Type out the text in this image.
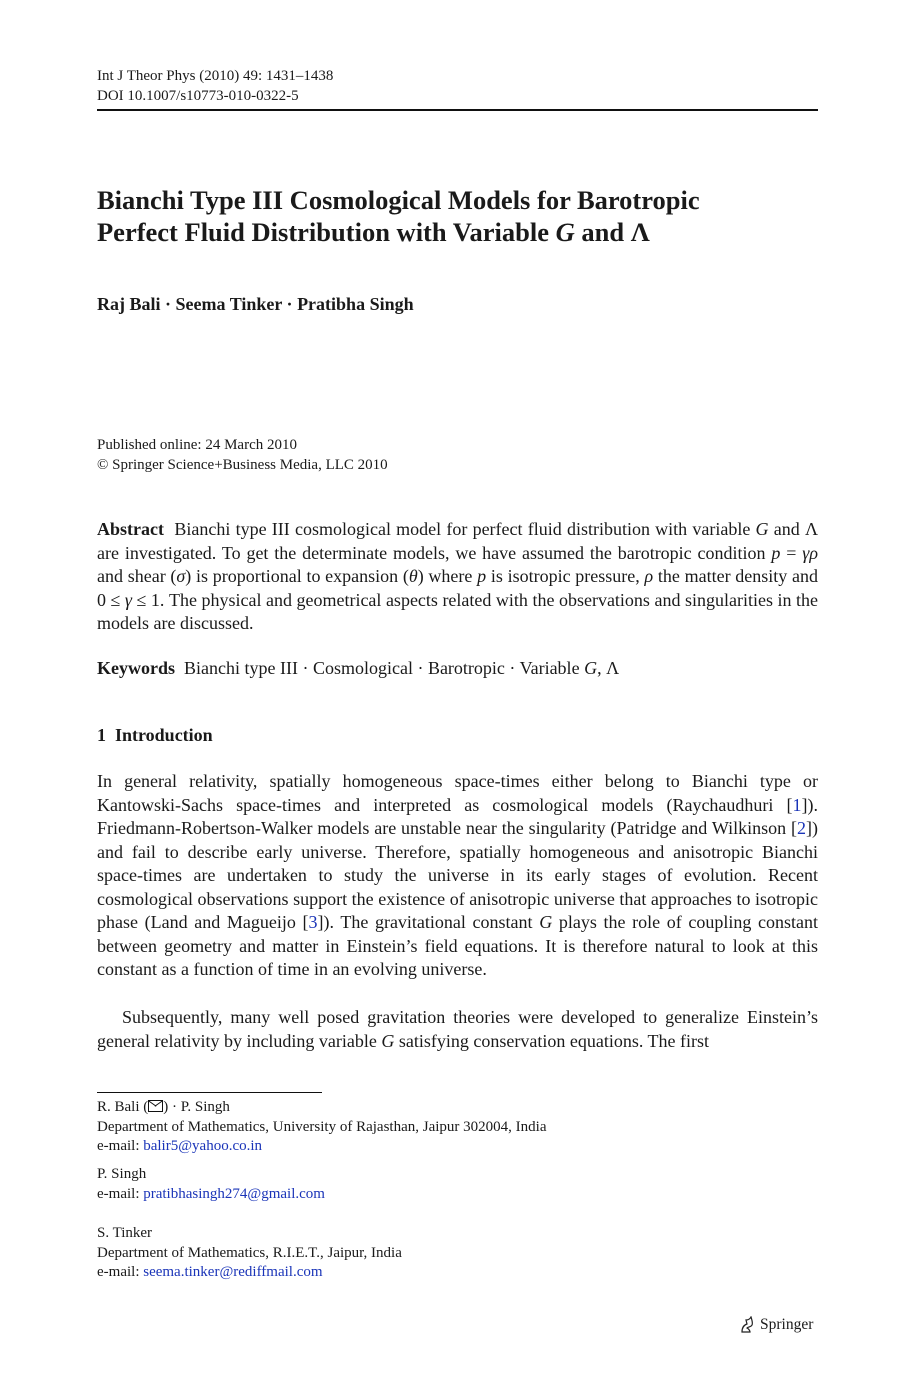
Int J Theor Phys (2010) 49: 1431–1438
DOI 10.1007/s10773-010-0322-5
Bianchi Type III Cosmological Models for Barotropic
Perfect Fluid Distribution with Variable G and Λ
Raj Bali · Seema Tinker · Pratibha Singh
Published online: 24 March 2010
© Springer Science+Business Media, LLC 2010
Abstract Bianchi type III cosmological model for perfect fluid distribution with variable G and Λ are investigated. To get the determinate models, we have assumed the barotropic condition p = γρ and shear (σ) is proportional to expansion (θ) where p is isotropic pressure, ρ the matter density and 0 ≤ γ ≤ 1. The physical and geometrical aspects related with the observations and singularities in the models are discussed.
Keywords Bianchi type III · Cosmological · Barotropic · Variable G, Λ
1 Introduction
In general relativity, spatially homogeneous space-times either belong to Bianchi type or Kantowski-Sachs space-times and interpreted as cosmological models (Raychaudhuri [1]). Friedmann-Robertson-Walker models are unstable near the singularity (Patridge and Wilkinson [2]) and fail to describe early universe. Therefore, spatially homogeneous and anisotropic Bianchi space-times are undertaken to study the universe in its early stages of evolution. Recent cosmological observations support the existence of anisotropic universe that approaches to isotropic phase (Land and Magueijo [3]). The gravitational constant G plays the role of coupling constant between geometry and matter in Einstein’s field equations. It is therefore natural to look at this constant as a function of time in an evolving universe.
Subsequently, many well posed gravitation theories were developed to generalize Einstein’s general relativity by including variable G satisfying conservation equations. The first
R. Bali ( ) · P. Singh
Department of Mathematics, University of Rajasthan, Jaipur 302004, India
e-mail: balir5@yahoo.co.in
P. Singh
e-mail: pratibhasingh274@gmail.com
S. Tinker
Department of Mathematics, R.I.E.T., Jaipur, India
e-mail: seema.tinker@rediffmail.com
Springer
